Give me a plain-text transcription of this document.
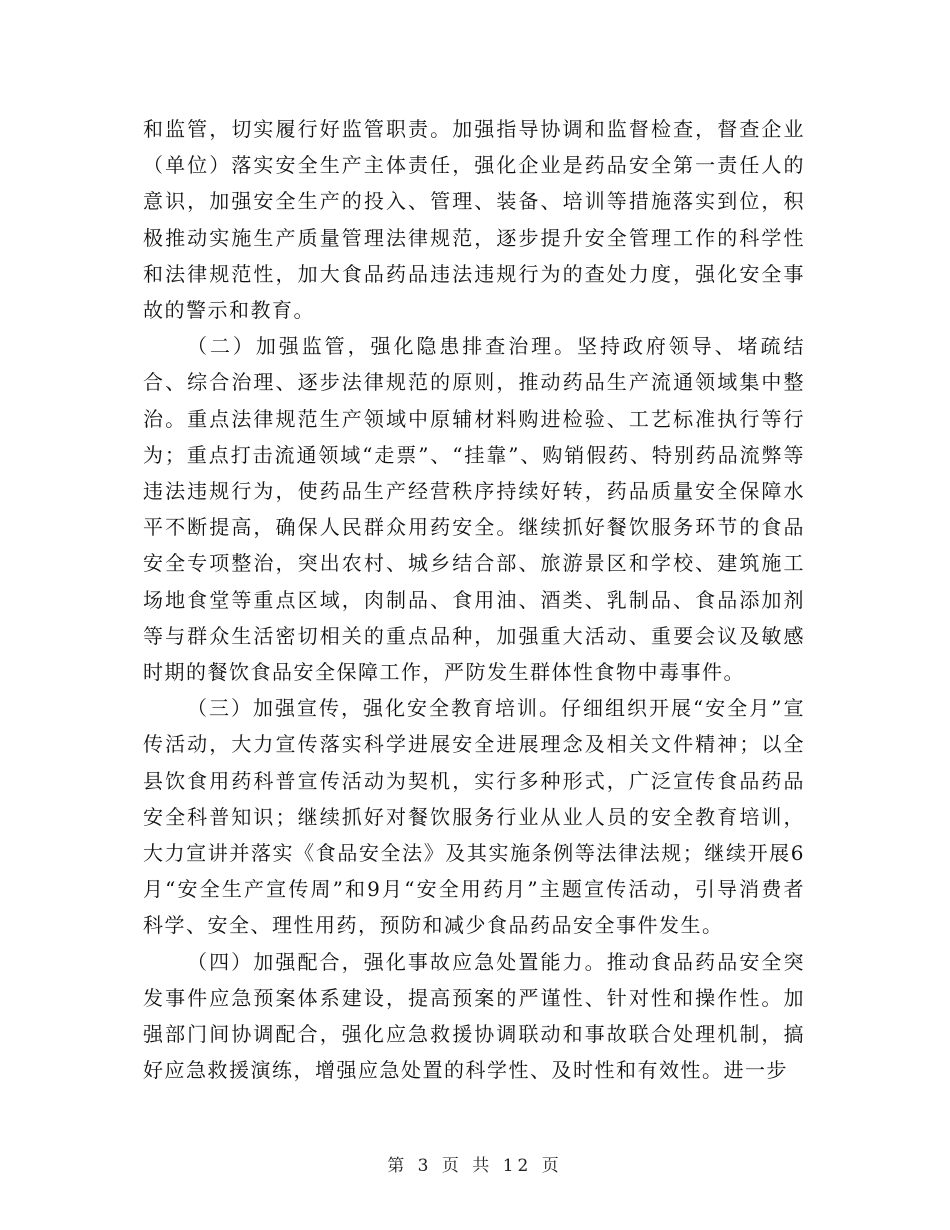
和监管，切实履行好监管职责。加强指导协调和监督检查，督查企业（单位）落实安全生产主体责任，强化企业是药品安全第一责任人的意识，加强安全生产的投入、管理、装备、培训等措施落实到位，积极推动实施生产质量管理法律规范，逐步提升安全管理工作的科学性和法律规范性，加大食品药品违法违规行为的查处力度，强化安全事故的警示和教育。

（二）加强监管，强化隐患排查治理。坚持政府领导、堵疏结合、综合治理、逐步法律规范的原则，推动药品生产流通领域集中整治。重点法律规范生产领域中原辅材料购进检验、工艺标准执行等行为；重点打击流通领域“走票”、“挂靠”、购销假药、特别药品流弊等违法违规行为，使药品生产经营秩序持续好转，药品质量安全保障水平不断提高，确保人民群众用药安全。继续抓好餐饮服务环节的食品安全专项整治，突出农村、城乡结合部、旅游景区和学校、建筑施工场地食堂等重点区域，肉制品、食用油、酒类、乳制品、食品添加剂等与群众生活密切相关的重点品种，加强重大活动、重要会议及敏感时期的餐饮食品安全保障工作，严防发生群体性食物中毒事件。

（三）加强宣传，强化安全教育培训。仔细组织开展“安全月”宣传活动，大力宣传落实科学进展安全进展理念及相关文件精神；以全县饮食用药科普宣传活动为契机，实行多种形式，广泛宣传食品药品安全科普知识；继续抓好对餐饮服务行业从业人员的安全教育培训，大力宣讲并落实《食品安全法》及其实施条例等法律法规；继续开展6月“安全生产宣传周”和9月“安全用药月”主题宣传活动，引导消费者科学、安全、理性用药，预防和减少食品药品安全事件发生。

（四）加强配合，强化事故应急处置能力。推动食品药品安全突发事件应急预案体系建设，提高预案的严谨性、针对性和操作性。加强部门间协调配合，强化应急救援协调联动和事故联合处理机制，搞好应急救援演练，增强应急处置的科学性、及时性和有效性。进一步

第 3 页 共 12 页
